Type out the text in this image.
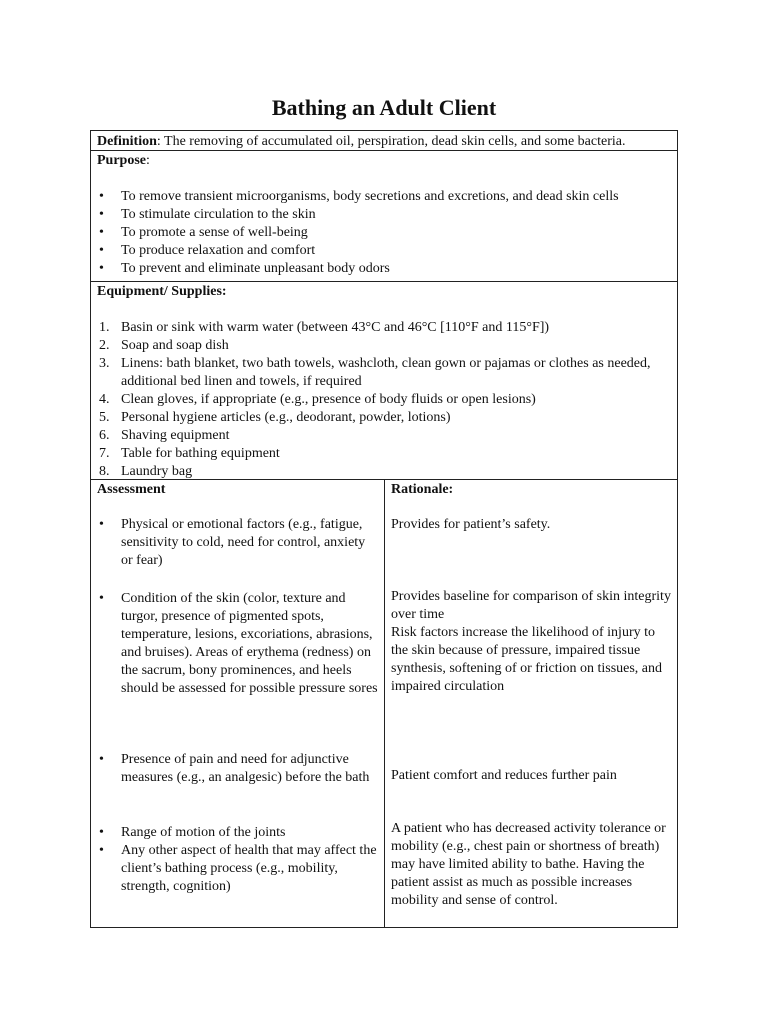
Bathing an Adult Client
Definition: The removing of accumulated oil, perspiration, dead skin cells, and some bacteria.
Purpose:
• To remove transient microorganisms, body secretions and excretions, and dead skin cells
• To stimulate circulation to the skin
• To promote a sense of well-being
• To produce relaxation and comfort
• To prevent and eliminate unpleasant body odors
Equipment/ Supplies:
1. Basin or sink with warm water (between 43°C and 46°C [110°F and 115°F])
2. Soap and soap dish
3. Linens: bath blanket, two bath towels, washcloth, clean gown or pajamas or clothes as needed, additional bed linen and towels, if required
4. Clean gloves, if appropriate (e.g., presence of body fluids or open lesions)
5. Personal hygiene articles (e.g., deodorant, powder, lotions)
6. Shaving equipment
7. Table for bathing equipment
8. Laundry bag
Assessment
• Physical or emotional factors (e.g., fatigue, sensitivity to cold, need for control, anxiety or fear)
• Condition of the skin (color, texture and turgor, presence of pigmented spots, temperature, lesions, excoriations, abrasions, and bruises). Areas of erythema (redness) on the sacrum, bony prominences, and heels should be assessed for possible pressure sores
• Presence of pain and need for adjunctive measures (e.g., an analgesic) before the bath
• Range of motion of the joints
• Any other aspect of health that may affect the client’s bathing process (e.g., mobility, strength, cognition)
Rationale:
Provides for patient’s safety.
Provides baseline for comparison of skin integrity over time
Risk factors increase the likelihood of injury to the skin because of pressure, impaired tissue synthesis, softening of or friction on tissues, and impaired circulation
Patient comfort and reduces further pain
A patient who has decreased activity tolerance or mobility (e.g., chest pain or shortness of breath) may have limited ability to bathe. Having the patient assist as much as possible increases mobility and sense of control.
